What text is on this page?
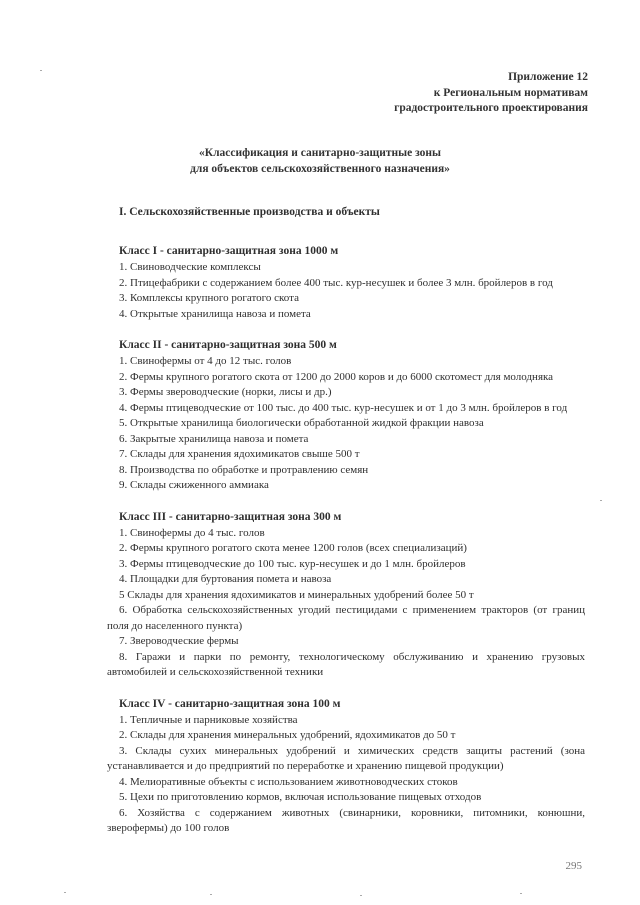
Приложение 12
к Региональным нормативам
градостроительного проектирования
«Классификация и санитарно-защитные зоны
для объектов сельскохозяйственного назначения»

I. Сельскохозяйственные производства и объекты

Класс I - санитарно-защитная зона 1000 м

1. Свиноводческие комплексы

2. Птицефабрики с содержанием более 400 тыс. кур-несушек и более 3 млн. бройлеров в год

3. Комплексы крупного рогатого скота

4. Открытые хранилища навоза и помета

Класс II - санитарно-защитная зона 500 м

1. Свинофермы от 4 до 12 тыс. голов

2. Фермы крупного рогатого скота от 1200 до 2000 коров и до 6000 скотомест для молодняка

3. Фермы звероводческие (норки, лисы и др.)

4. Фермы птицеводческие от 100 тыс. до 400 тыс. кур-несушек и от 1 до 3 млн. бройлеров в год

5. Открытые хранилища биологически обработанной жидкой фракции навоза

6. Закрытые хранилища навоза и помета

7. Склады для хранения ядохимикатов свыше 500 т

8. Производства по обработке и протравлению семян

9. Склады сжиженного аммиака

Класс III - санитарно-защитная зона 300 м

1. Свинофермы до 4 тыс. голов

2. Фермы крупного рогатого скота менее 1200 голов (всех специализаций)

3. Фермы птицеводческие до 100 тыс. кур-несушек и до 1 млн. бройлеров

4. Площадки для буртования помета и навоза

5 Склады для хранения ядохимикатов и минеральных удобрений более 50 т

6. Обработка сельскохозяйственных угодий пестицидами с применением тракторов (от границ поля до населенного пункта)

7. Звероводческие фермы

8. Гаражи и парки по ремонту, технологическому обслуживанию и хранению грузовых автомобилей и сельскохозяйственной техники

Класс IV - санитарно-защитная зона 100 м

1. Тепличные и парниковые хозяйства

2. Склады для хранения минеральных удобрений, ядохимикатов до 50 т

3. Склады сухих минеральных удобрений и химических средств защиты растений (зона устанавливается и до предприятий по переработке и хранению пищевой продукции)

4. Мелиоративные объекты с использованием животноводческих стоков

5. Цехи по приготовлению кормов, включая использование пищевых отходов

6. Хозяйства с содержанием животных (свинарники, коровники, питомники, конюшни, зверофермы) до 100 голов

295
